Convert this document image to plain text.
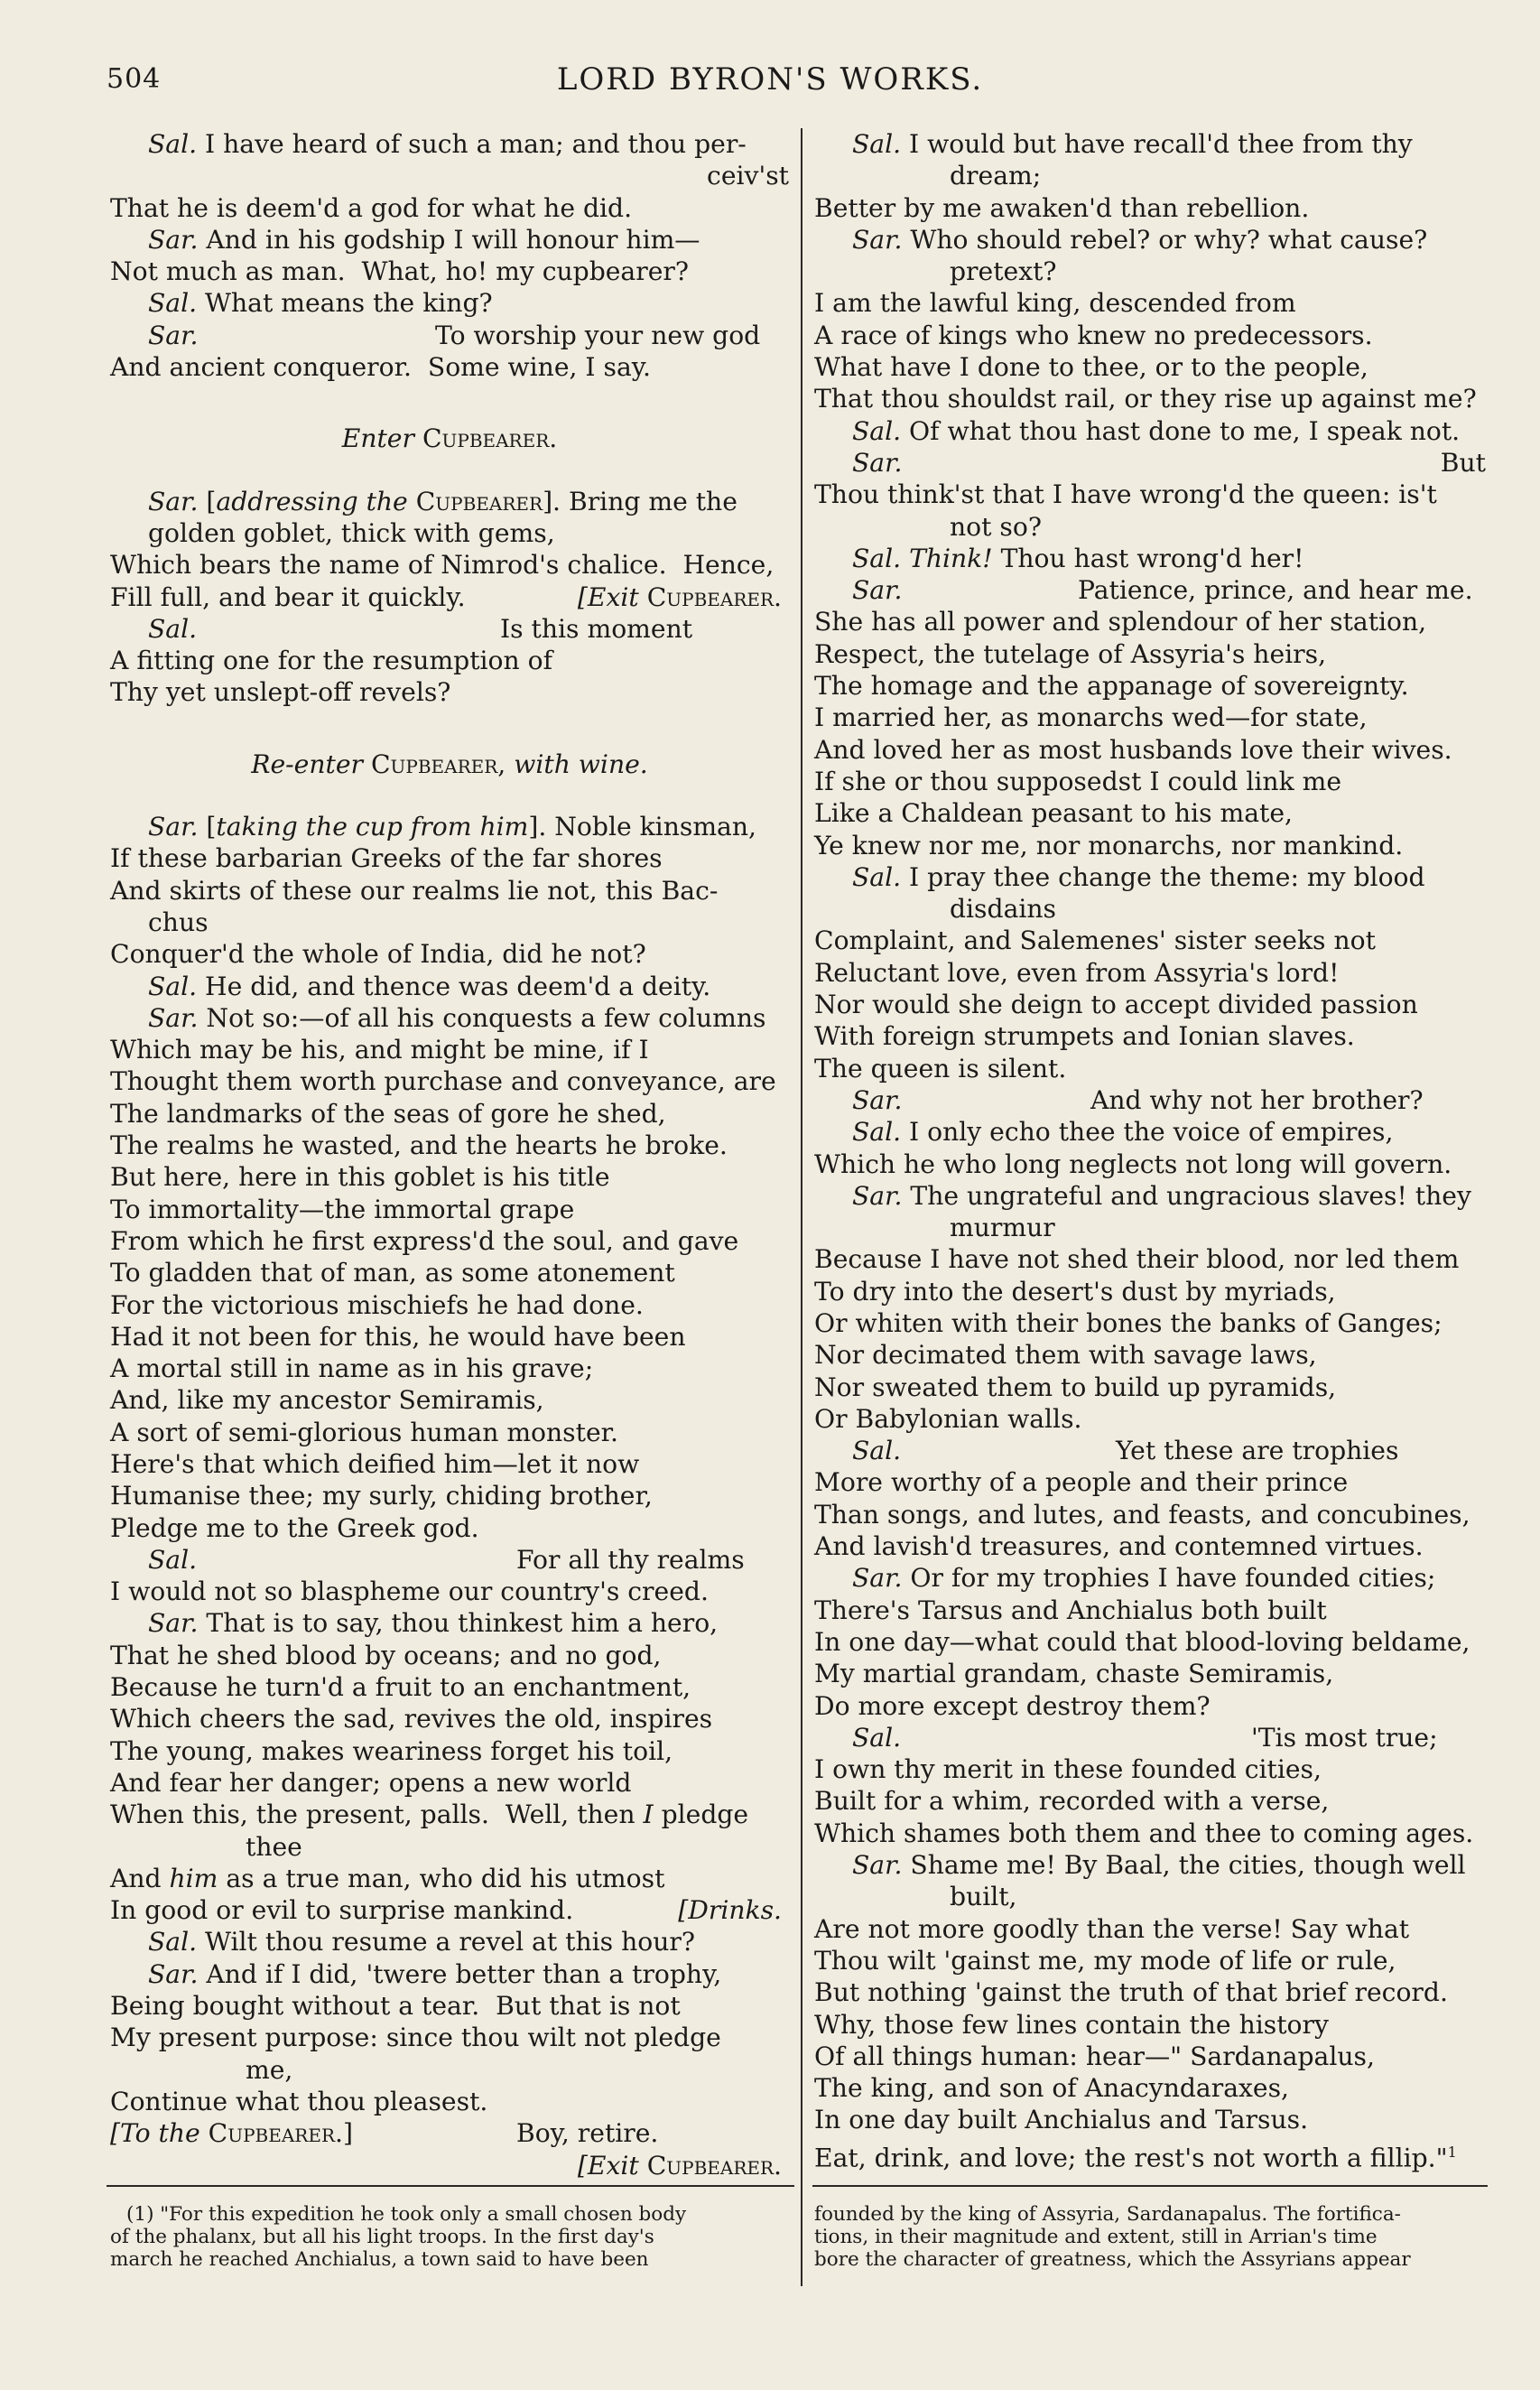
504	LORD BYRON'S WORKS.
Sal. I have heard of such a man; and thou per-
ceiv'st
That he is deem'd a god for what he did.
Sar. And in his godship I will honour him—
Not much as man.  What, ho! my cupbearer?
Sal. What means the king?
Sar.	To worship your new god
And ancient conqueror.  Some wine, I say.
Enter Cupbearer.
Sar. [addressing the Cupbearer]. Bring me the
golden goblet, thick with gems,
Which bears the name of Nimrod's chalice.  Hence,
Fill full, and bear it quickly.	[Exit Cupbearer.
Sal.	Is this moment
A fitting one for the resumption of
Thy yet unslept-off revels?
Re-enter Cupbearer, with wine.
Sar. [taking the cup from him]. Noble kinsman,
If these barbarian Greeks of the far shores
And skirts of these our realms lie not, this Bac-
chus
Conquer'd the whole of India, did he not?
Sal. He did, and thence was deem'd a deity.
Sar. Not so:—of all his conquests a few columns
Which may be his, and might be mine, if I
Thought them worth purchase and conveyance, are
The landmarks of the seas of gore he shed,
The realms he wasted, and the hearts he broke.
But here, here in this goblet is his title
To immortality—the immortal grape
From which he first express'd the soul, and gave
To gladden that of man, as some atonement
For the victorious mischiefs he had done.
Had it not been for this, he would have been
A mortal still in name as in his grave;
And, like my ancestor Semiramis,
A sort of semi-glorious human monster.
Here's that which deified him—let it now
Humanise thee; my surly, chiding brother,
Pledge me to the Greek god.
Sal.	For all thy realms
I would not so blaspheme our country's creed.
Sar. That is to say, thou thinkest him a hero,
That he shed blood by oceans; and no god,
Because he turn'd a fruit to an enchantment,
Which cheers the sad, revives the old, inspires
The young, makes weariness forget his toil,
And fear her danger; opens a new world
When this, the present, palls.  Well, then I pledge
thee
And him as a true man, who did his utmost
In good or evil to surprise mankind.	[Drinks.
Sal. Wilt thou resume a revel at this hour?
Sar. And if I did, 'twere better than a trophy,
Being bought without a tear.  But that is not
My present purpose: since thou wilt not pledge
me,
Continue what thou pleasest.
[To the Cupbearer.]	Boy, retire.
[Exit Cupbearer.
Sal. I would but have recall'd thee from thy
dream;
Better by me awaken'd than rebellion.
Sar. Who should rebel? or why? what cause?
pretext?
I am the lawful king, descended from
A race of kings who knew no predecessors.
What have I done to thee, or to the people,
That thou shouldst rail, or they rise up against me?
Sal. Of what thou hast done to me, I speak not.
Sar.	But
Thou think'st that I have wrong'd the queen: is't
not so?
Sal. Think! Thou hast wrong'd her!
Sar.	Patience, prince, and hear me.
She has all power and splendour of her station,
Respect, the tutelage of Assyria's heirs,
The homage and the appanage of sovereignty.
I married her, as monarchs wed—for state,
And loved her as most husbands love their wives.
If she or thou supposedst I could link me
Like a Chaldean peasant to his mate,
Ye knew nor me, nor monarchs, nor mankind.
Sal. I pray thee change the theme: my blood
disdains
Complaint, and Salemenes' sister seeks not
Reluctant love, even from Assyria's lord!
Nor would she deign to accept divided passion
With foreign strumpets and Ionian slaves.
The queen is silent.
Sar.	And why not her brother?
Sal. I only echo thee the voice of empires,
Which he who long neglects not long will govern.
Sar. The ungrateful and ungracious slaves! they
murmur
Because I have not shed their blood, nor led them
To dry into the desert's dust by myriads,
Or whiten with their bones the banks of Ganges;
Nor decimated them with savage laws,
Nor sweated them to build up pyramids,
Or Babylonian walls.
Sal.	Yet these are trophies
More worthy of a people and their prince
Than songs, and lutes, and feasts, and concubines,
And lavish'd treasures, and contemned virtues.
Sar. Or for my trophies I have founded cities;
There's Tarsus and Anchialus both built
In one day—what could that blood-loving beldame,
My martial grandam, chaste Semiramis,
Do more except destroy them?
Sal.	'Tis most true;
I own thy merit in these founded cities,
Built for a whim, recorded with a verse,
Which shames both them and thee to coming ages.
Sar. Shame me! By Baal, the cities, though well
built,
Are not more goodly than the verse! Say what
Thou wilt 'gainst me, my mode of life or rule,
But nothing 'gainst the truth of that brief record.
Why, those few lines contain the history
Of all things human: hear—" Sardanapalus,
The king, and son of Anacyndaraxes,
In one day built Anchialus and Tarsus.
Eat, drink, and love; the rest's not worth a fillip."$^1$
(1) "For this expedition he took only a small chosen body
of the phalanx, but all his light troops. In the first day's
march he reached Anchialus, a town said to have been
founded by the king of Assyria, Sardanapalus. The fortifica-
tions, in their magnitude and extent, still in Arrian's time
bore the character of greatness, which the Assyrians appear
